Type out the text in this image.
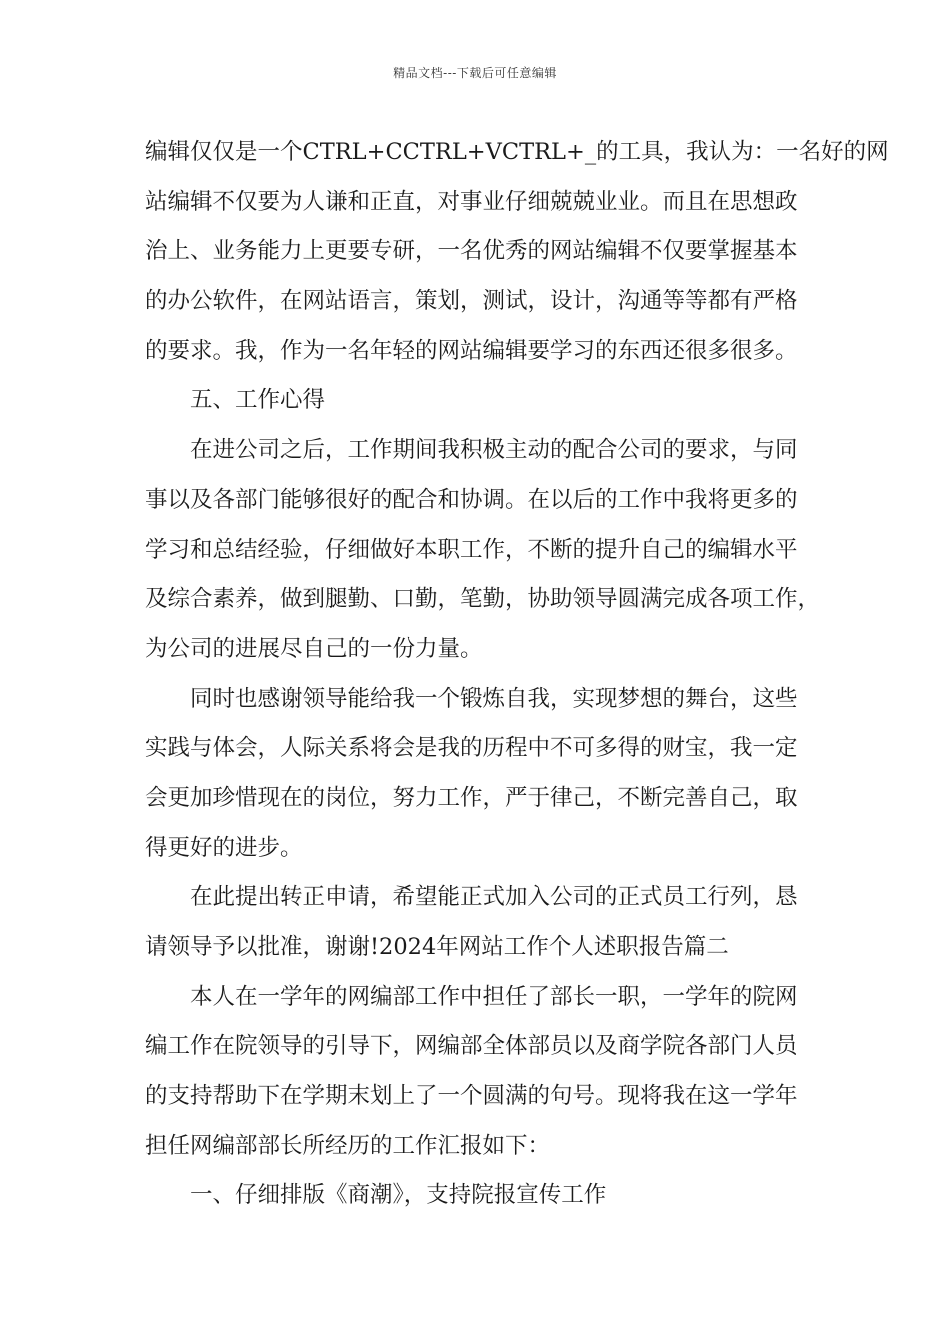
精品文档---下载后可任意编辑
编辑仅仅是一个CTRL+CCTRL+VCTRL+_的工具，我认为：一名好的网
站编辑不仅要为人谦和正直，对事业仔细兢兢业业。而且在思想政
治上、业务能力上更要专研，一名优秀的网站编辑不仅要掌握基本
的办公软件，在网站语言，策划，测试，设计，沟通等等都有严格
的要求。我，作为一名年轻的网站编辑要学习的东西还很多很多。
五、工作心得
在进公司之后，工作期间我积极主动的配合公司的要求，与同
事以及各部门能够很好的配合和协调。在以后的工作中我将更多的
学习和总结经验，仔细做好本职工作，不断的提升自己的编辑水平
及综合素养，做到腿勤、口勤，笔勤，协助领导圆满完成各项工作，
为公司的进展尽自己的一份力量。
同时也感谢领导能给我一个锻炼自我，实现梦想的舞台，这些
实践与体会，人际关系将会是我的历程中不可多得的财宝，我一定
会更加珍惜现在的岗位，努力工作，严于律己，不断完善自己，取
得更好的进步。
在此提出转正申请，希望能正式加入公司的正式员工行列，恳
请领导予以批准，谢谢!2024年网站工作个人述职报告篇二
本人在一学年的网编部工作中担任了部长一职，一学年的院网
编工作在院领导的引导下，网编部全体部员以及商学院各部门人员
的支持帮助下在学期末划上了一个圆满的句号。现将我在这一学年
担任网编部部长所经历的工作汇报如下：
一、仔细排版《商潮》，支持院报宣传工作
